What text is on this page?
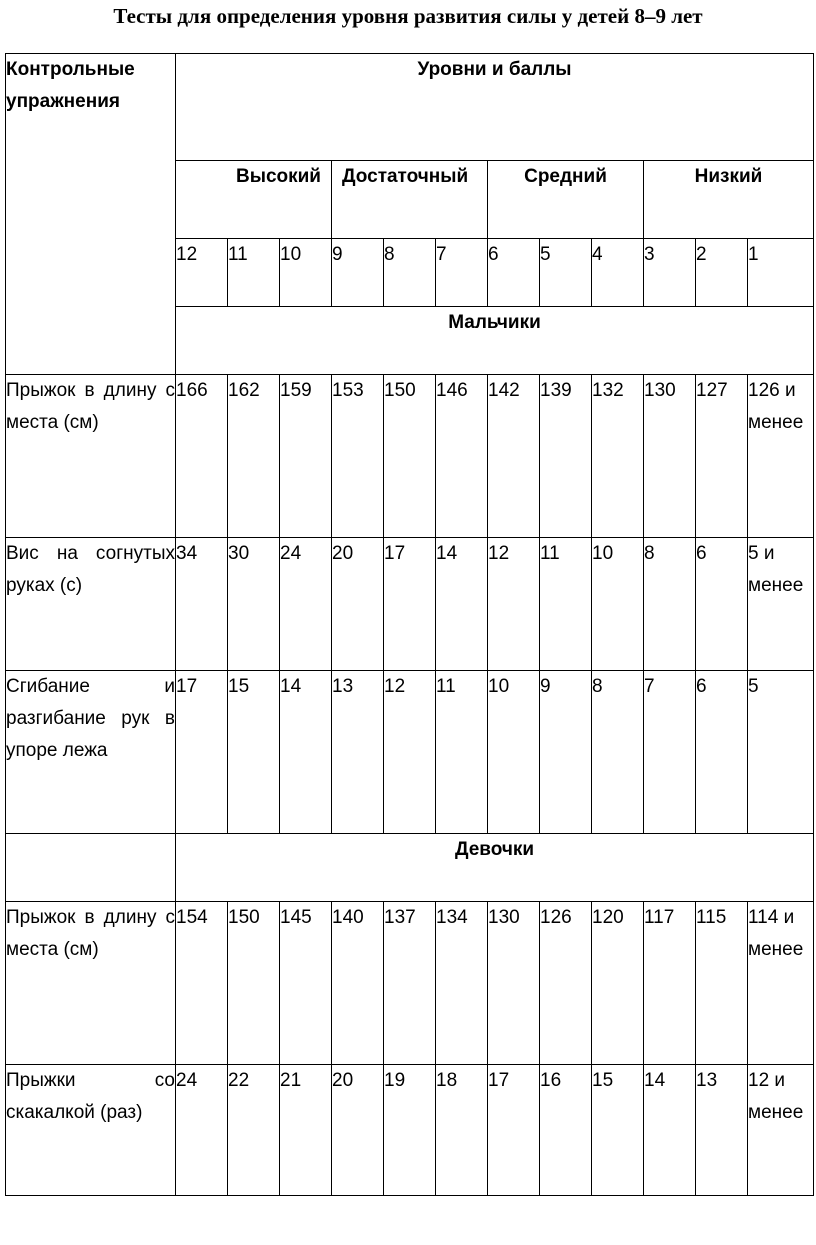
Тесты для определения уровня развития силы у детей 8–9 лет
Контрольные упражнения	Уровни и баллы											
	Высокий			Достаточный			Средний			Низкий		
	12	11	10	9	8	7	6	5	4	3	2	1
	Мальчики											
Прыжок в длину с места (см)	166	162	159	153	150	146	142	139	132	130	127	126 и менее
Вис на согнутых руках (с)	34	30	24	20	17	14	12	11	10	8	6	5 и менее
Сгибание и разгибание рук в упоре лежа	17	15	14	13	12	11	10	9	8	7	6	5
	Девочки											
Прыжок в длину с места (см)	154	150	145	140	137	134	130	126	120	117	115	114 и менее
Прыжки со скакалкой (раз)	24	22	21	20	19	18	17	16	15	14	13	12 и менее
